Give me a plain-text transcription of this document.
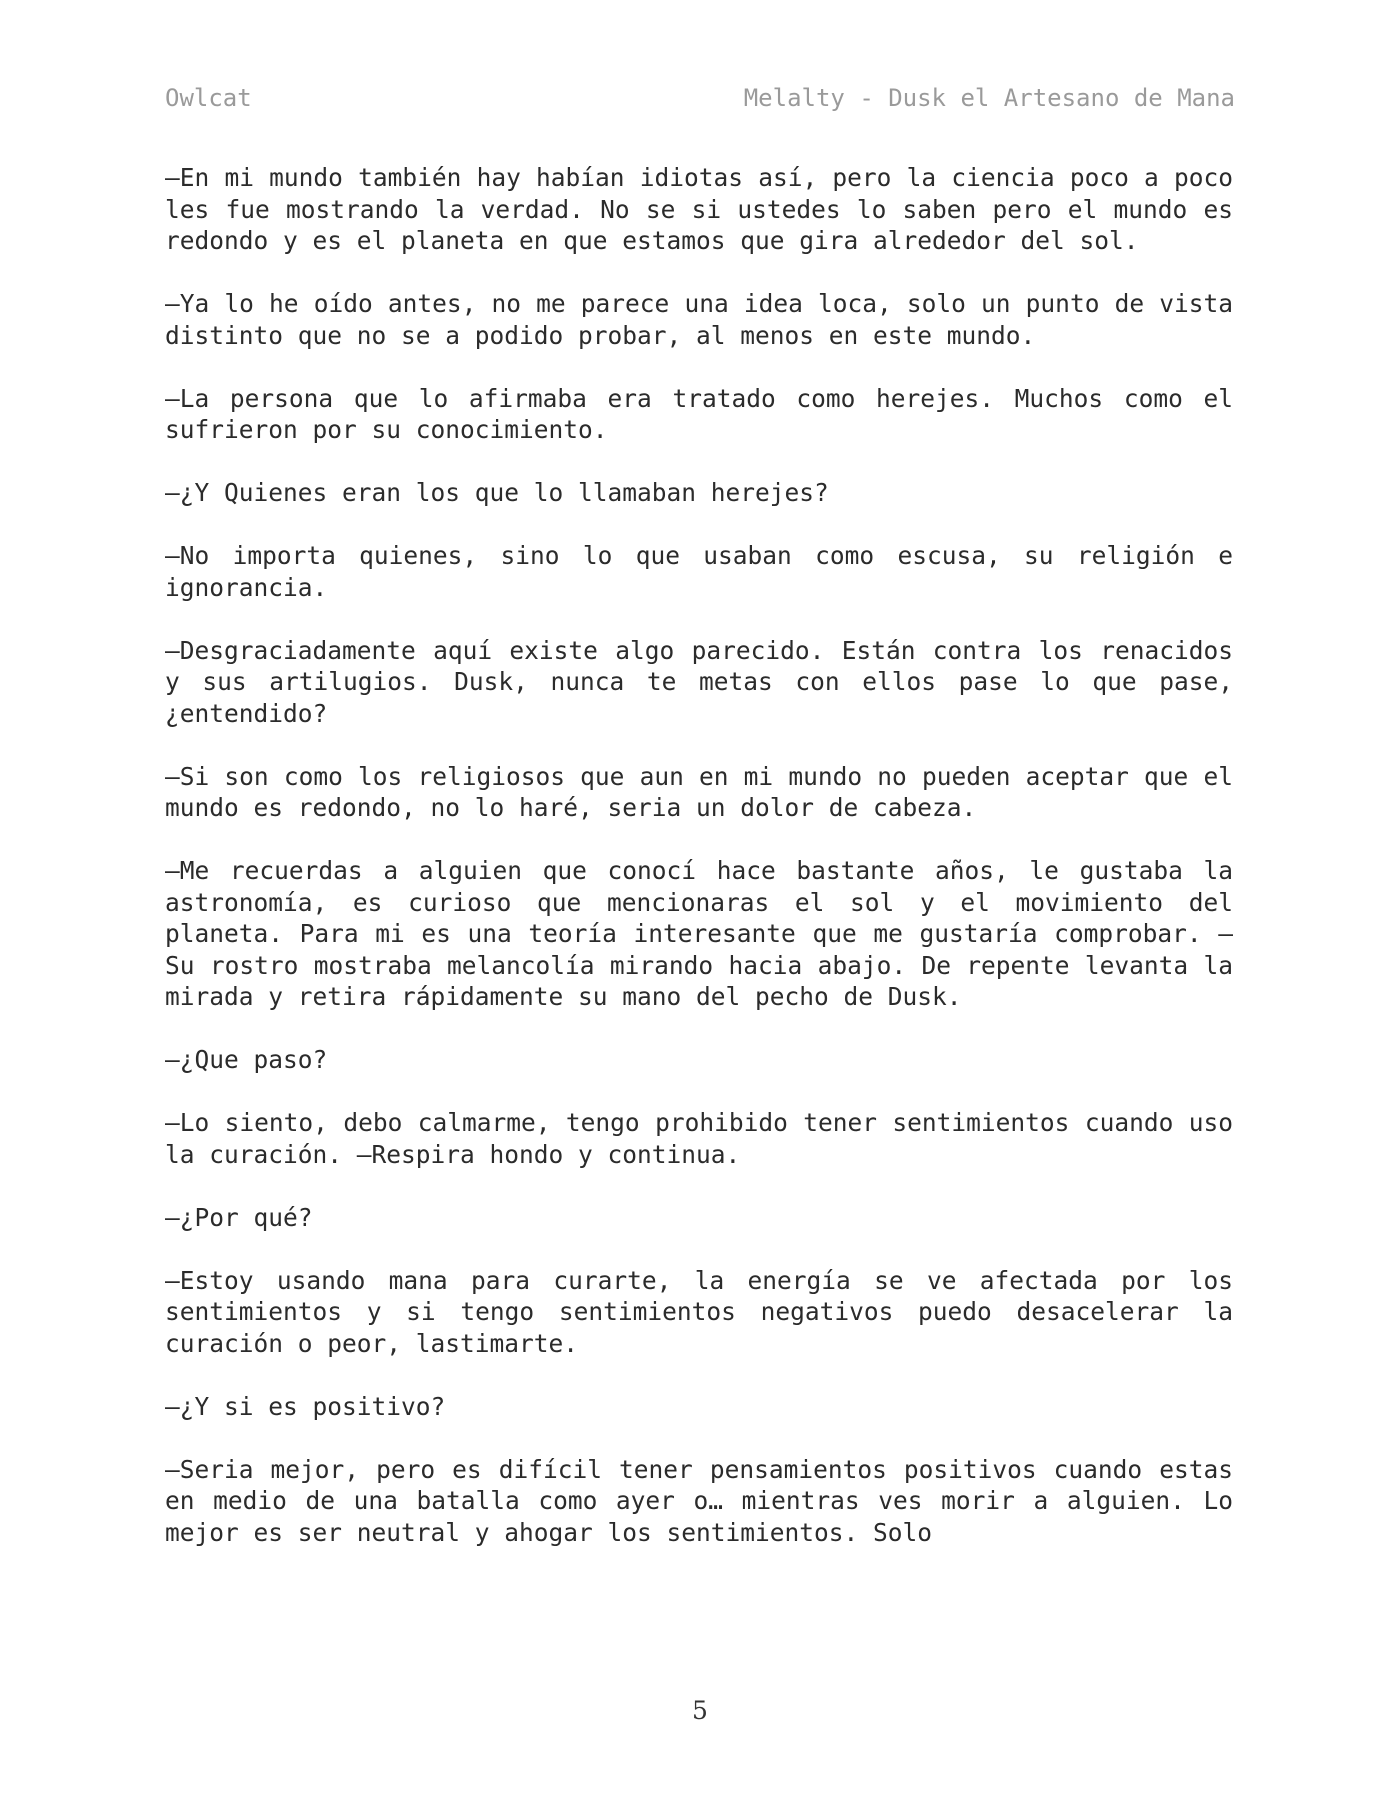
Owlcat	Melalty - Dusk el Artesano de Mana

—En mi mundo también hay habían idiotas así, pero la ciencia poco a poco les fue mostrando la verdad. No se si ustedes lo saben pero el mundo es redondo y es el planeta en que estamos que gira alrededor del sol.

—Ya lo he oído antes, no me parece una idea loca, solo un punto de vista distinto que no se a podido probar, al menos en este mundo.

—La persona que lo afirmaba era tratado como herejes. Muchos como el sufrieron por su conocimiento.

—¿Y Quienes eran los que lo llamaban herejes?

—No importa quienes, sino lo que usaban como escusa, su religión e ignorancia.

—Desgraciadamente aquí existe algo parecido. Están contra los renacidos y sus artilugios. Dusk, nunca te metas con ellos pase lo que pase, ¿entendido?

—Si son como los religiosos que aun en mi mundo no pueden aceptar que el mundo es redondo, no lo haré, seria un dolor de cabeza.

—Me recuerdas a alguien que conocí hace bastante años, le gustaba la astronomía, es curioso que mencionaras el sol y el movimiento del planeta. Para mi es una teoría interesante que me gustaría comprobar. —Su rostro mostraba melancolía mirando hacia abajo. De repente levanta la mirada y retira rápidamente su mano del pecho de Dusk.

—¿Que paso?

—Lo siento, debo calmarme, tengo prohibido tener sentimientos cuando uso la curación. —Respira hondo y continua.

—¿Por qué?

—Estoy usando mana para curarte, la energía se ve afectada por los sentimientos y si tengo sentimientos negativos puedo desacelerar la curación o peor, lastimarte.

—¿Y si es positivo?

—Seria mejor, pero es difícil tener pensamientos positivos cuando estas en medio de una batalla como ayer o… mientras ves morir a alguien. Lo mejor es ser neutral y ahogar los sentimientos. Solo

5
